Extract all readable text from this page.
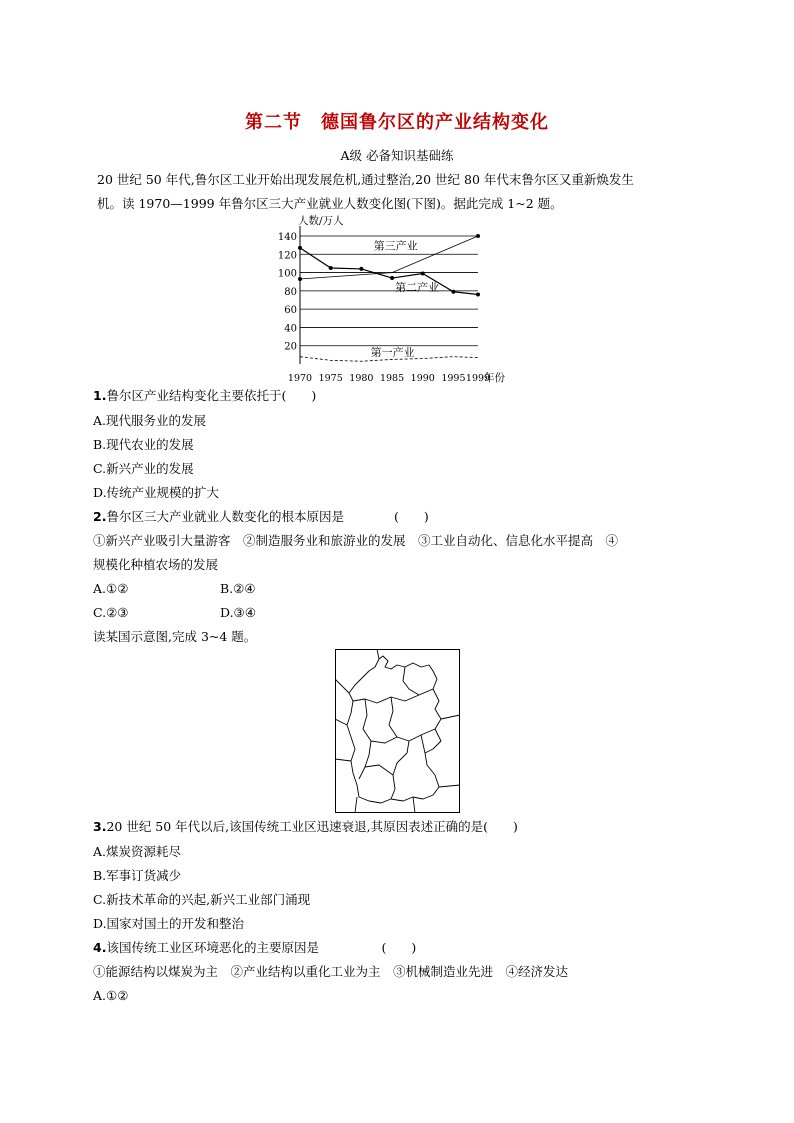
第二节　德国鲁尔区的产业结构变化
A级 必备知识基础练
20 世纪 50 年代,鲁尔区工业开始出现发展危机,通过整治,20 世纪 80 年代末鲁尔区又重新焕发生
机。读 1970—1999 年鲁尔区三大产业就业人数变化图(下图)。据此完成 1~2 题。
20
40
60
80
100
120
140
1970 1975 1980 1985 1990 1995 1999
人数/万人
年份
第三产业
第二产业
第一产业
1.鲁尔区产业结构变化主要依托于(　　)
A.现代服务业的发展
B.现代农业的发展
C.新兴产业的发展
D.传统产业规模的扩大
2.鲁尔区三大产业就业人数变化的根本原因是　　　　(　　)
①新兴产业吸引大量游客　②制造服务业和旅游业的发展　③工业自动化、信息化水平提高　④
规模化种植农场的发展
A.①②	B.②④
C.②③	D.③④
读某国示意图,完成 3~4 题。
3.20 世纪 50 年代以后,该国传统工业区迅速衰退,其原因表述正确的是(　　)
A.煤炭资源耗尽
B.军事订货减少
C.新技术革命的兴起,新兴工业部门涌现
D.国家对国土的开发和整治
4.该国传统工业区环境恶化的主要原因是　　　　　(　　)
①能源结构以煤炭为主　②产业结构以重化工业为主　③机械制造业先进　④经济发达
A.①②
